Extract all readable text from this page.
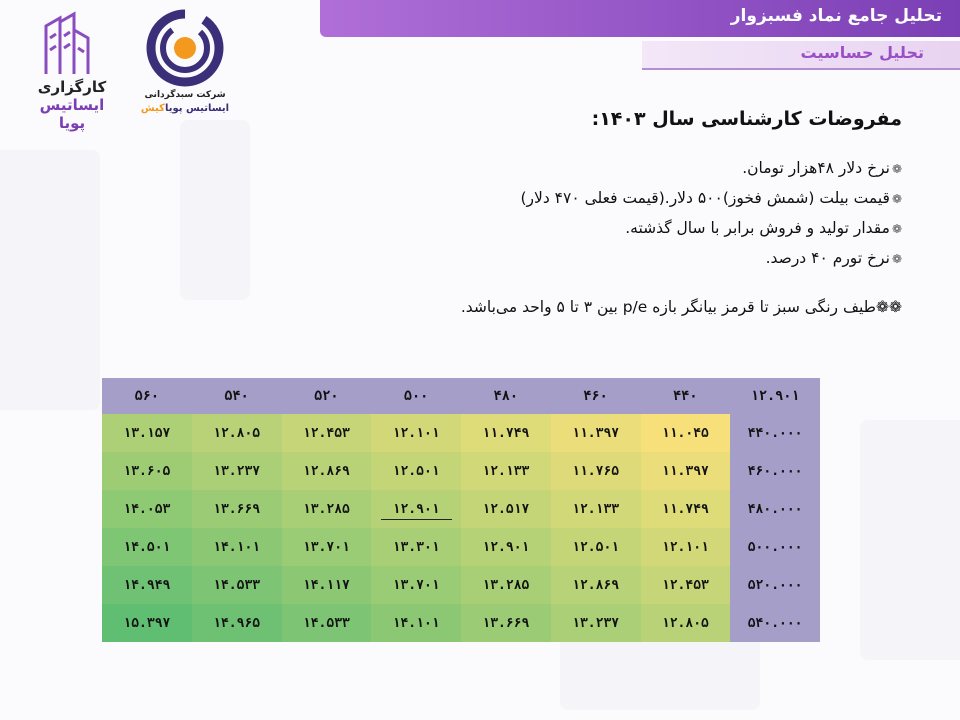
تحلیل جامع نماد فسبزوار
تحلیل حساسیت
کارگزاری
ایساتیس پویا
شرکت سبدگردانی
ایساتیس پویاکیش	مفروضات کارشناسی سال ۱۴۰۳:

❁نرخ دلار ۴۸هزار تومان.
❁قیمت بیلت (شمش فخوز)۵۰۰ دلار.(قیمت فعلی ۴۷۰ دلار)
❁مقدار تولید و فروش برابر با سال گذشته.
❁نرخ تورم ۴۰ درصد.
❁❁طیف رنگی سبز تا قرمز بیانگر بازه p/e بین ۳ تا ۵ واحد می‌باشد.
۵۶۰	۵۴۰	۵۲۰	۵۰۰	۴۸۰	۴۶۰	۴۴۰	۱۲.۹۰۱
۱۳.۱۵۷	۱۲.۸۰۵	۱۲.۴۵۳	۱۲.۱۰۱	۱۱.۷۴۹	۱۱.۳۹۷	۱۱.۰۴۵	۴۴۰.۰۰۰
۱۳.۶۰۵	۱۳.۲۳۷	۱۲.۸۶۹	۱۲.۵۰۱	۱۲.۱۳۳	۱۱.۷۶۵	۱۱.۳۹۷	۴۶۰.۰۰۰
۱۴.۰۵۳	۱۳.۶۶۹	۱۳.۲۸۵	۱۲.۹۰۱	۱۲.۵۱۷	۱۲.۱۳۳	۱۱.۷۴۹	۴۸۰.۰۰۰
۱۴.۵۰۱	۱۴.۱۰۱	۱۳.۷۰۱	۱۳.۳۰۱	۱۲.۹۰۱	۱۲.۵۰۱	۱۲.۱۰۱	۵۰۰.۰۰۰
۱۴.۹۴۹	۱۴.۵۳۳	۱۴.۱۱۷	۱۳.۷۰۱	۱۳.۲۸۵	۱۲.۸۶۹	۱۲.۴۵۳	۵۲۰.۰۰۰
۱۵.۳۹۷	۱۴.۹۶۵	۱۴.۵۳۳	۱۴.۱۰۱	۱۳.۶۶۹	۱۳.۲۳۷	۱۲.۸۰۵	۵۴۰.۰۰۰
